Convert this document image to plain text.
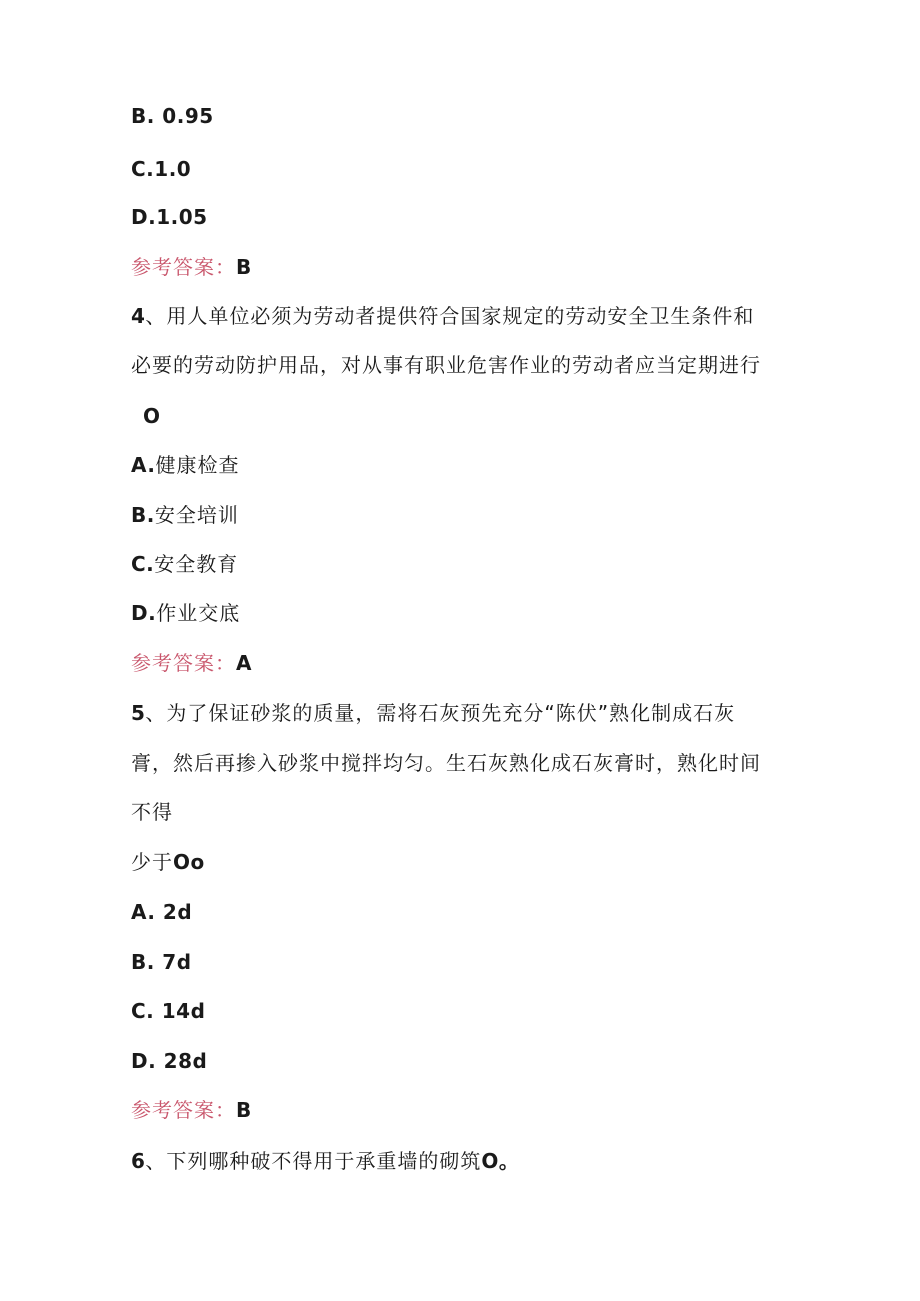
B. 0.95
C.1.0
D.1.05
参考答案：B
4、用人单位必须为劳动者提供符合国家规定的劳动安全卫生条件和
必要的劳动防护用品，对从事有职业危害作业的劳动者应当定期进行
O
A.健康检查
B.安全培训
C.安全教育
D.作业交底
参考答案：A
5、为了保证砂浆的质量，需将石灰预先充分“陈伏”熟化制成石灰
膏，然后再掺入砂浆中搅拌均匀。生石灰熟化成石灰膏时，熟化时间
不得
少于Oo
A. 2d
B. 7d
C. 14d
D. 28d
参考答案：B
6、下列哪种破不得用于承重墙的砌筑O。
